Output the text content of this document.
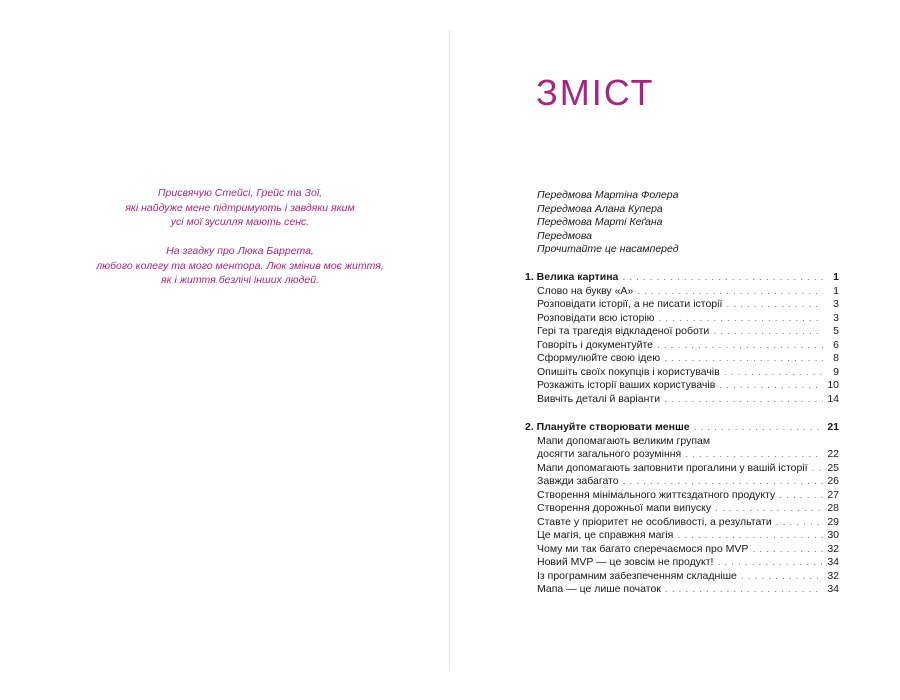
Присвячую Стейсі, Грейс та Зої,
які найдуже мене підтримують і завдяки яким
усі мої зусилля мають сенс.

На згадку про Люка Баррета,
любого колегу та мого ментора. Люк змінив моє життя,
як і життя безлічі інших людей.

ЗМІСТ
Передмова Мартіна Фолера
Передмова Алана Купера
Передмова Марті Кеґана
Передмова
Прочитайте це насамперед
1. Велика картина . . .	1
Слово на букву «А» . . .	1
Розповідати історії, а не писати історії . . .	3
Розповідати всю історію . . .	3
Гері та трагедія відкладеної роботи . . .	5
Говоріть і документуйте . . .	6
Сформулюйте свою ідею . . .	8
Опишіть своїх покупців і користувачів . . .	9
Розкажіть історії ваших користувачів . . .	10
Вивчіть деталі й варіанти . . .	14
2. Плануйте створювати менше . . .	21
Мапи допомагають великим групам
досягти загального розуміння . . .	22
Мапи допомагають заповнити прогалини у вашій історії . . . 25
Завжди забагато . . .	26
Створення мінімального життєздатного продукту . . .	27
Створення дорожньої мапи випуску . . .	28
Ставте у пріоритет не особливості, а результати . . .	29
Це магія, це справжня магія . . .	30
Чому ми так багато сперечаємося про MVP . . .	32
Новий MVP — це зовсім не продукт! . . .	34
Із програмним забезпеченням складніше . . .	32
Мапа — це лише початок . . .	34
